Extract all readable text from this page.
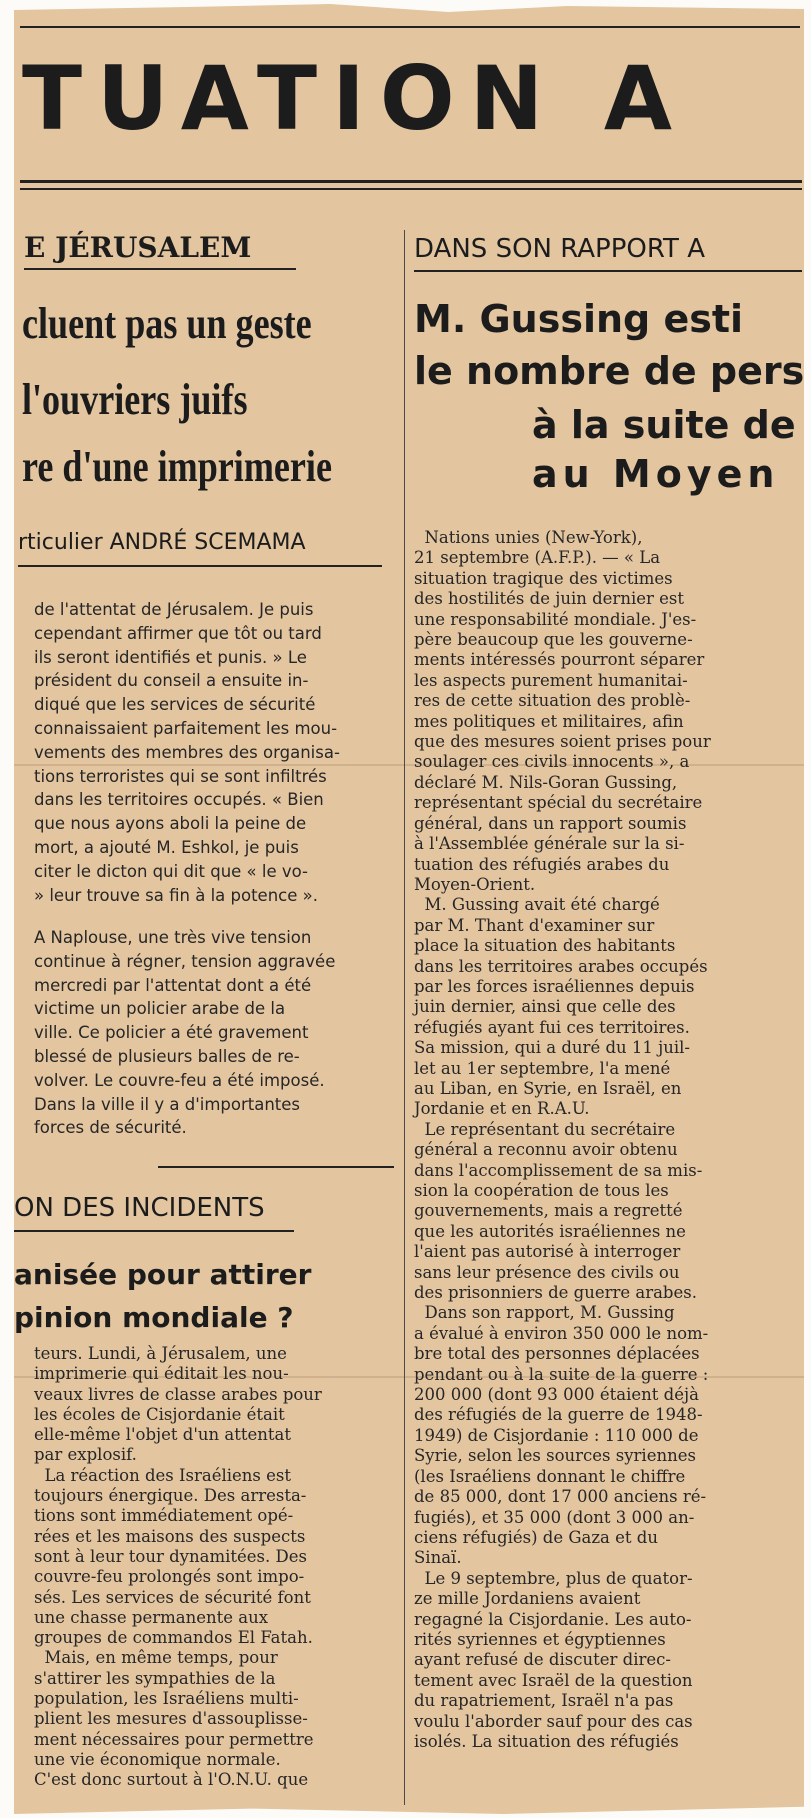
TUATION A
E JÉRUSALEM
cluent pas un geste
l'ouvriers juifs
re d'une imprimerie
rticulier ANDRÉ SCEMAMA
de l'attentat de Jérusalem. Je puis
cependant affirmer que tôt ou tard
ils seront identifiés et punis. » Le
président du conseil a ensuite in-
diqué que les services de sécurité
connaissaient parfaitement les mou-
vements des membres des organisa-
tions terroristes qui se sont infiltrés
dans les territoires occupés. « Bien
que nous ayons aboli la peine de
mort, a ajouté M. Eshkol, je puis
citer le dicton qui dit que « le vo-
» leur trouve sa fin à la potence ».
A Naplouse, une très vive tension
continue à régner, tension aggravée
mercredi par l'attentat dont a été
victime un policier arabe de la
ville. Ce policier a été gravement
blessé de plusieurs balles de re-
volver. Le couvre-feu a été imposé.
Dans la ville il y a d'importantes
forces de sécurité.
ON DES INCIDENTS
anisée pour attirer
pinion mondiale ?
teurs. Lundi, à Jérusalem, une
imprimerie qui éditait les nou-
veaux livres de classe arabes pour
les écoles de Cisjordanie était
elle-même l'objet d'un attentat
par explosif.
La réaction des Israéliens est
toujours énergique. Des arresta-
tions sont immédiatement opé-
rées et les maisons des suspects
sont à leur tour dynamitées. Des
couvre-feu prolongés sont impo-
sés. Les services de sécurité font
une chasse permanente aux
groupes de commandos El Fatah.
Mais, en même temps, pour
s'attirer les sympathies de la
population, les Israéliens multi-
plient les mesures d'assouplisse-
ment nécessaires pour permettre
une vie économique normale.
C'est donc surtout à l'O.N.U. que
DANS SON RAPPORT A
M. Gussing esti
le nombre de pers
à la suite de
au Moyen
Nations unies (New-York),
21 septembre (A.F.P.). — « La
situation tragique des victimes
des hostilités de juin dernier est
une responsabilité mondiale. J'es-
père beaucoup que les gouverne-
ments intéressés pourront séparer
les aspects purement humanitai-
res de cette situation des problè-
mes politiques et militaires, afin
que des mesures soient prises pour
soulager ces civils innocents », a
déclaré M. Nils-Goran Gussing,
représentant spécial du secrétaire
général, dans un rapport soumis
à l'Assemblée générale sur la si-
tuation des réfugiés arabes du
Moyen-Orient.
M. Gussing avait été chargé
par M. Thant d'examiner sur
place la situation des habitants
dans les territoires arabes occupés
par les forces israéliennes depuis
juin dernier, ainsi que celle des
réfugiés ayant fui ces territoires.
Sa mission, qui a duré du 11 juil-
let au 1er septembre, l'a mené
au Liban, en Syrie, en Israël, en
Jordanie et en R.A.U.
Le représentant du secrétaire
général a reconnu avoir obtenu
dans l'accomplissement de sa mis-
sion la coopération de tous les
gouvernements, mais a regretté
que les autorités israéliennes ne
l'aient pas autorisé à interroger
sans leur présence des civils ou
des prisonniers de guerre arabes.
Dans son rapport, M. Gussing
a évalué à environ 350 000 le nom-
bre total des personnes déplacées
pendant ou à la suite de la guerre :
200 000 (dont 93 000 étaient déjà
des réfugiés de la guerre de 1948-
1949) de Cisjordanie : 110 000 de
Syrie, selon les sources syriennes
(les Israéliens donnant le chiffre
de 85 000, dont 17 000 anciens ré-
fugiés), et 35 000 (dont 3 000 an-
ciens réfugiés) de Gaza et du
Sinaï.
Le 9 septembre, plus de quator-
ze mille Jordaniens avaient
regagné la Cisjordanie. Les auto-
rités syriennes et égyptiennes
ayant refusé de discuter direc-
tement avec Israël de la question
du rapatriement, Israël n'a pas
voulu l'aborder sauf pour des cas
isolés. La situation des réfugiés
